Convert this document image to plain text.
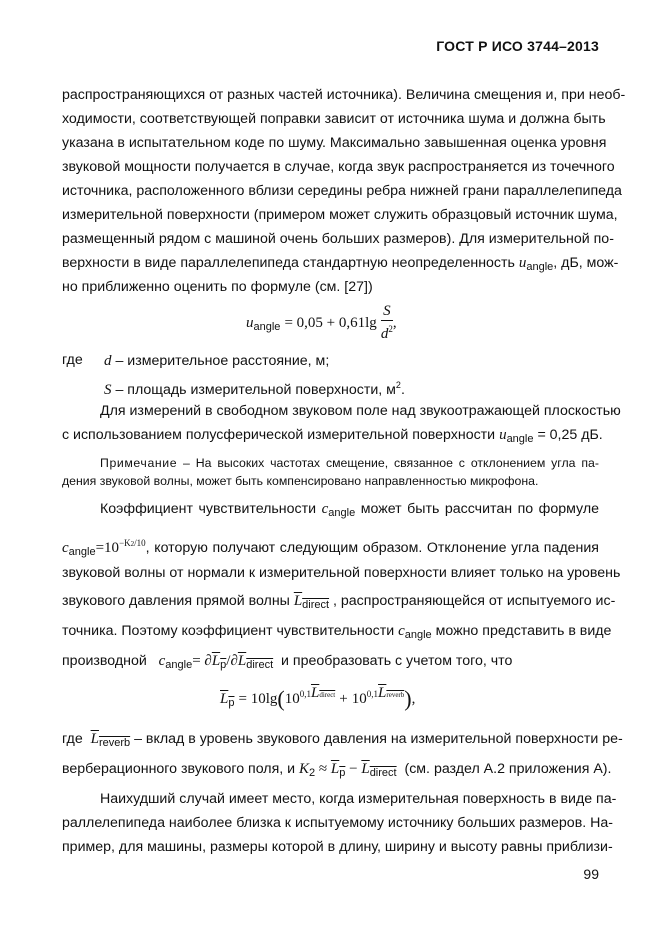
ГОСТ Р ИСО 3744–2013
распространяющихся от разных частей источника). Величина смещения и, при необ-
ходимости, соответствующей поправки зависит от источника шума и должна быть
указана в испытательном коде по шуму. Максимально завышенная оценка уровня
звуковой мощности получается в случае, когда звук распространяется из точечного
источника, расположенного вблизи середины ребра нижней грани параллелепипеда
измерительной поверхности (примером может служить образцовый источник шума,
размещенный рядом с машиной очень больших размеров). Для измерительной по-
верхности в виде параллелепипеда стандартную неопределенность $u_{angle}$, дБ, мож-
но приближенно оценить по формуле (см. [27])
$u_{angle} = 0,05 + 0,61\lg \frac{S}{d^2}$ ,
где d – измерительное расстояние, м;
S – площадь измерительной поверхности, $м^2$.
Для измерений в свободном звуковом поле над звукоотражающей плоскостью
с использованием полусферической измерительной поверхности $u_{angle} = 0,25$ дБ.
Примечание – На высоких частотах смещение, связанное с отклонением угла па-
дения звуковой волны, может быть компенсировано направленностью микрофона.
Коэффициент чувствительности $c_{angle}$ может быть рассчитан по формуле
$c_{angle}=10^{-K2/10}$, которую получают следующим образом. Отклонение угла падения
звуковой волны от нормали к измерительной поверхности влияет только на уровень
звукового давления прямой волны $L_{direct}$ , распространяющейся от испытуемого ис-
точника. Поэтому коэффициент чувствительности $c_{angle}$ можно представить в виде
производной $c_{angle}= \partial L_p/\partial L_{direct}$ и преобразовать с учетом того, что
$L_p = 10\lg(10^{0,1Ldirect} + 10^{0,1Lreverb})$,
где $L_{reverb}$ – вклад в уровень звукового давления на измерительной поверхности ре-
верберационного звукового поля, и $K_2 \approx L_p - L_{direct}$ (см. раздел А.2 приложения А).
Наихудший случай имеет место, когда измерительная поверхность в виде па-
раллелепипеда наиболее близка к испытуемому источнику больших размеров. На-
пример, для машины, размеры которой в длину, ширину и высоту равны приблизи-
99
